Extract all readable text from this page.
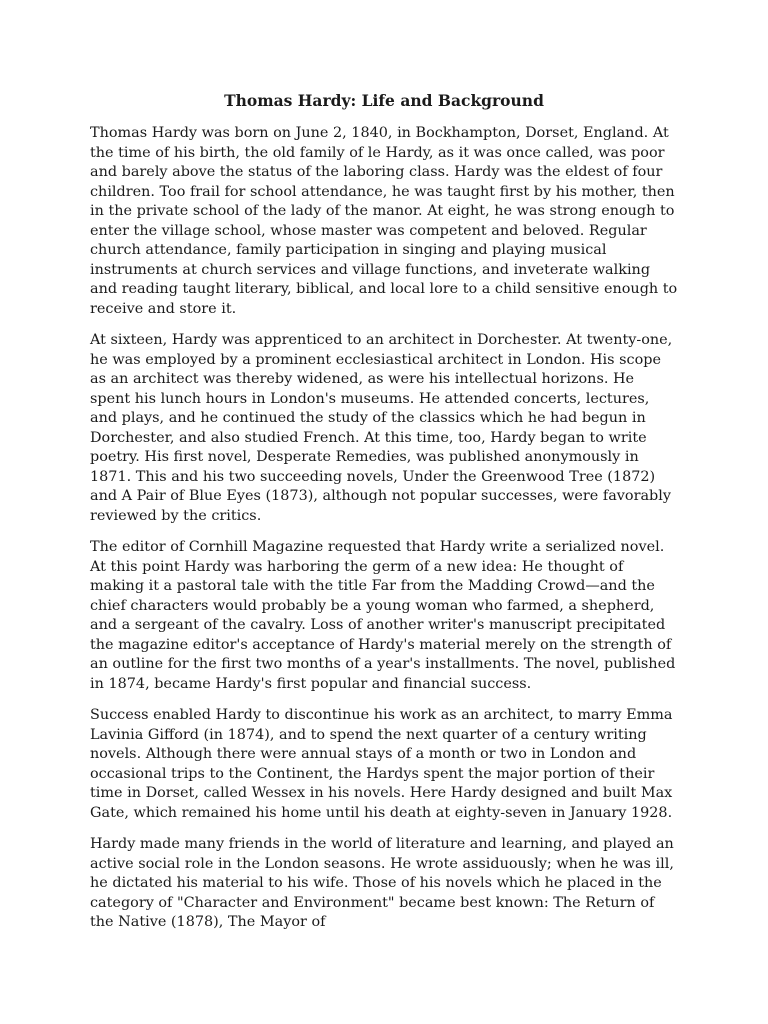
Thomas Hardy: Life and Background

Thomas Hardy was born on June 2, 1840, in Bockhampton, Dorset, England. At the time of his birth, the old family of le Hardy, as it was once called, was poor and barely above the status of the laboring class. Hardy was the eldest of four children. Too frail for school attendance, he was taught first by his mother, then in the private school of the lady of the manor. At eight, he was strong enough to enter the village school, whose master was competent and beloved. Regular church attendance, family participation in singing and playing musical instruments at church services and village functions, and inveterate walking and reading taught literary, biblical, and local lore to a child sensitive enough to receive and store it.

At sixteen, Hardy was apprenticed to an architect in Dorchester. At twenty-one, he was employed by a prominent ecclesiastical architect in London. His scope as an architect was thereby widened, as were his intellectual horizons. He spent his lunch hours in London's museums. He attended concerts, lectures, and plays, and he continued the study of the classics which he had begun in Dorchester, and also studied French. At this time, too, Hardy began to write poetry. His first novel, Desperate Remedies, was published anonymously in 1871. This and his two succeeding novels, Under the Greenwood Tree (1872) and A Pair of Blue Eyes (1873), although not popular successes, were favorably reviewed by the critics.

The editor of Cornhill Magazine requested that Hardy write a serialized novel. At this point Hardy was harboring the germ of a new idea: He thought of making it a pastoral tale with the title Far from the Madding Crowd—and the chief characters would probably be a young woman who farmed, a shepherd, and a sergeant of the cavalry. Loss of another writer's manuscript precipitated the magazine editor's acceptance of Hardy's material merely on the strength of an outline for the first two months of a year's installments. The novel, published in 1874, became Hardy's first popular and financial success.

Success enabled Hardy to discontinue his work as an architect, to marry Emma Lavinia Gifford (in 1874), and to spend the next quarter of a century writing novels. Although there were annual stays of a month or two in London and occasional trips to the Continent, the Hardys spent the major portion of their time in Dorset, called Wessex in his novels. Here Hardy designed and built Max Gate, which remained his home until his death at eighty-seven in January 1928.

Hardy made many friends in the world of literature and learning, and played an active social role in the London seasons. He wrote assiduously; when he was ill, he dictated his material to his wife. Those of his novels which he placed in the category of "Character and Environment" became best known: The Return of the Native (1878), The Mayor of
